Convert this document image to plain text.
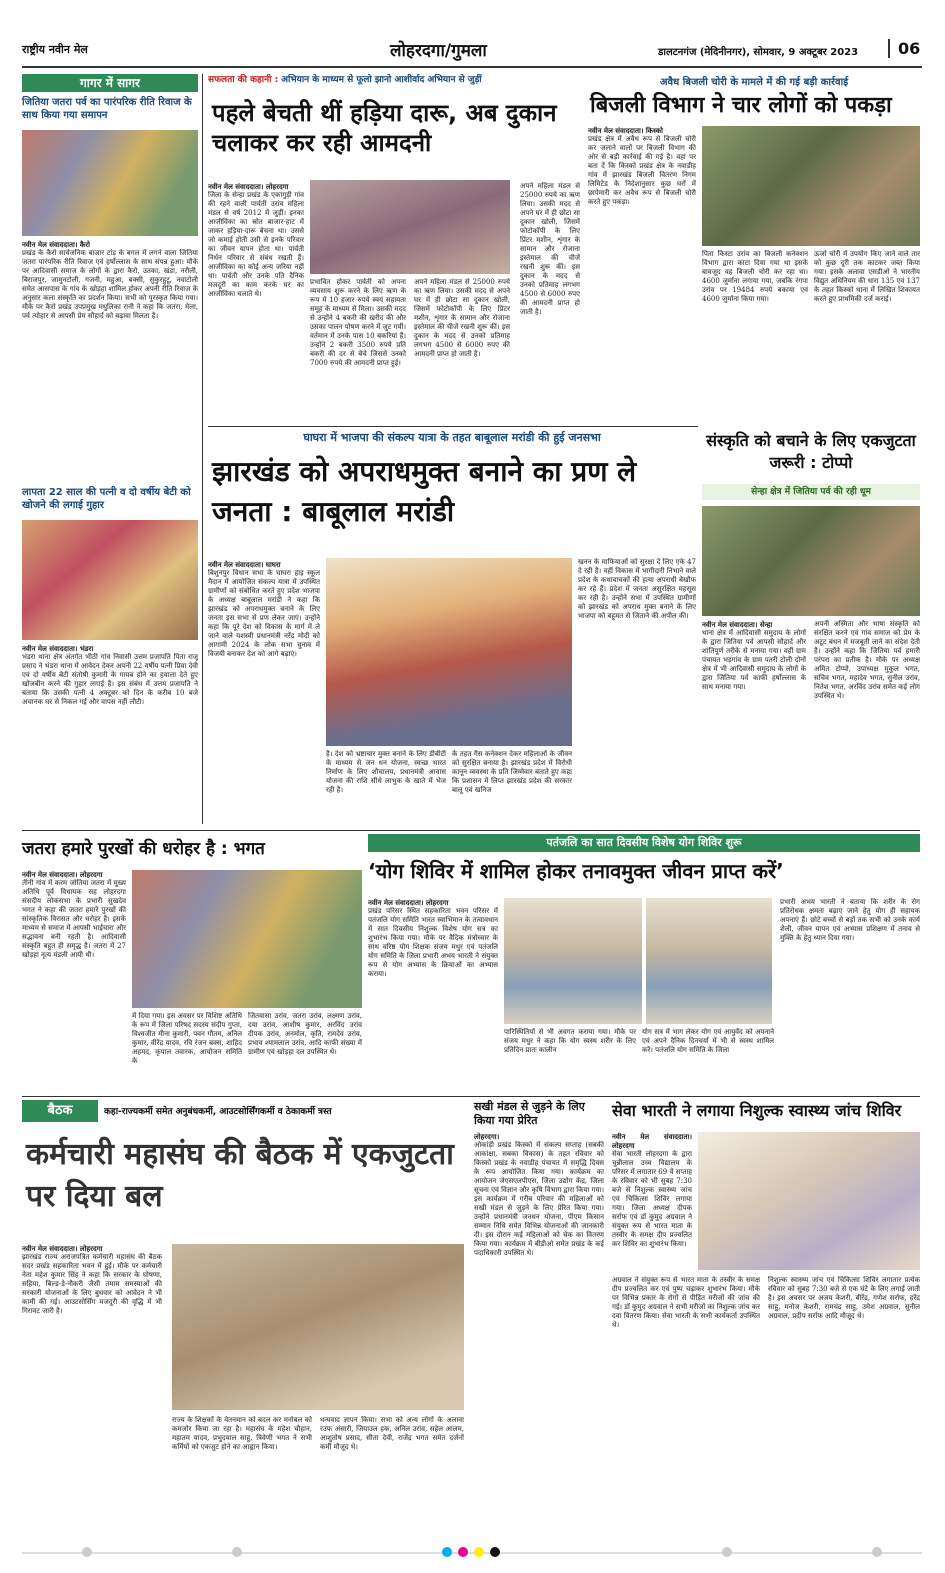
राष्ट्रीय नवीन मेल	लोहरदगा/गुमला	डालटनगंज (मेदिनीनगर), सोमवार, 9 अक्टूबर 2023	06
गागर में सागर
जितिया जतरा पर्व का पारंपरिक रीति रिवाज के साथ किया गया समापन
नवीन मेल संवाददाता। कैरो
प्रखंड के कैरो सार्वजनिक बाजार टांड़ के बगल में लगने वाला जितिया जतरा पारंपरिक रीति रिवाज एवं हर्षोल्लास के साथ संपन्न हुआ। मौके पर आदिवासी समाज के लोगों के द्वारा कैरो, उतका, खंडा, नरौली, बिराजपुर, जामुनटोली, गजनी, महुआ, बक्सी, सुकुरहुटू, नवाटोली समेत आसपास के गांव के खोड़हा शामिल होकर अपनी रीति रिवाज के अनुसार कला संस्कृति का प्रदर्शन किया। सभी को पुरस्कृत किया गया। मौके पर कैरो प्रखंड उपप्रमुख मधुलिका रानी ने कहा कि जतरा, मेला, पर्व त्योहार से आपसी प्रेम सौहार्द को बढ़ावा मिलता है।
लापता 22 साल की पत्नी व दो वर्षीय बेटी को खोजने की लगाई गुहार
नवीन मेल संवाददाता। भंडरा
भंडरा थाना क्षेत्र अंतर्गत भीठी गांव निवासी उत्तम प्रजापति पिता राजू प्रसाद ने भंडरा थाना में आवेदन देकर अपनी 22 वर्षीय पत्नी प्रिया देवी एवं दो वर्षीय बेटी संतोषी कुमारी के गायब होने का हवाला देते हुए खोजबीन करने की गुहार लगाई है। इस संबंध में उत्तम प्रजापति ने बताया कि उसकी पत्नी 4 अक्टूबर को दिन के करीब 10 बजे अचानक घर से निकल गई और वापस नहीं लौटी।
सफलता की कहानी : अभियान के माध्यम से फूलो झानो आशीर्वाद अभियान से जुड़ीं
पहले बेचती थीं हड़िया दारू, अब दुकान चलाकर कर रही आमदनी
नवीन मेल संवाददाता। लोहरदगा
जिला के सेन्हा प्रखंड के एकागुड़ी गांव की रहने वाली पार्वती उरांव महिला मंडल से वर्ष 2012 में जुड़ीं। इनका आजीविका का स्रोत बाजार-हाट में जाकर हड़िया-दारू बेचना था। उससे जो कमाई होती उसी से इनके परिवार का जीवन यापन होता था। पार्वती निर्धन परिवार से संबंध रखती हैं। आजीविका का कोई अन्य जरिया नहीं था। पार्वती और उनके पति दैनिक मजदूरी का काम करके घर का आजीविका चलाते थे।
प्रभावित होकर पार्वती को अपना व्यवसाय शुरू करने के लिए ऋण के रूप में 10 हजार रुपये स्वयं सहायता समूह के माध्यम से मिला। उसकी मदद से उन्होंने 4 बकरी की खरीद की और उसका पालन पोषण करने में जुट गयीं। वर्तमान में उनके पास 10 बकरियां हैं। उन्होंने 2 बकरी 3500 रुपये प्रति बकरी की दर से बेचे जिससे उनको 7000 रुपये की आमदनी प्राप्त हुई।
अपने महिला मंडल से 25000 रुपये का ऋण लिया। उसकी मदद से अपने घर में ही छोटा सा दुकान खोली, जिसमें फोटोकॉपी के लिए प्रिंटर मशीन, शृंगार के सामान और रोजाना इस्तेमाल की चीजें रखनी शुरू कीं। इस दुकान के मदद से उनको प्रतिमाह लगभग 4500 से 6000 रुपए की आमदनी प्राप्त हो जाती है।
अपने महिला मंडल से 25000 रुपये का ऋण लिया। उसकी मदद से अपने घर में ही छोटा सा दुकान खोली, जिसमें फोटोकॉपी के लिए प्रिंटर मशीन, शृंगार के सामान और रोजाना इस्तेमाल की चीजें रखनी शुरू कीं। इस दुकान के मदद से उनको प्रतिमाह लगभग 4500 से 6000 रुपए की आमदनी प्राप्त हो जाती है।
अवैध बिजली चोरी के मामले में की गई बड़ी कार्रवाई
बिजली विभाग ने चार लोगों को पकड़ा
नवीन मेल संवाददाता। किस्को
प्रखंड क्षेत्र में अवैध रूप से बिजली चोरी कर जलाने वालों पर बिजली विभाग की ओर से बड़ी कार्रवाई की गई है। वहां पर बता दें कि किस्को प्रखंड क्षेत्र के नवाडीह गांव में झारखंड बिजली वितरण निगम लिमिटेड के निदेशानुसार कुछ घरों में छापेमारी कर अवैध रूप से बिजली चोरी करते हुए पकड़ा।
पिता किस्टा उरांव का बिजली कनेक्शन विभाग द्वारा काटा दिया गया था इसके बावजूद वह बिजली चोरी कर रहा था। 4600 जुर्माना लगाया गया, जबकि रंगपा उरांव पर 19484 रुपये बकाया एवं 4600 जुर्माना किया गया।
ऊर्जा चोरी में उपयोग किए जाने वाले तार को कुछ दूरी तक काटकर जब्त किया गया। इसके अलावा एसडीओ ने भारतीय विद्युत अधिनियम की धारा 135 एवं 137 के तहत किस्को थाना में लिखित शिकायत करते हुए प्राथमिकी दर्ज कराई।
घाघरा में भाजपा की संकल्प यात्रा के तहत बाबूलाल मरांडी की हुई जनसभा
झारखंड को अपराधमुक्त बनाने का प्रण ले जनता : बाबूलाल मरांडी
नवीन मेल संवाददाता। घाघरा
बिशुनपुर विधान सभा के घाघरा हाइ स्कूल मैदान में आयोजित संकल्प यात्रा में उपस्थित ग्रामीणों को संबोधित करते हुए प्रदेश भाजपा के अध्यक्ष बाबूलाल मरांडी ने कहा कि झारखंड को अपराधमुक्त बनाने के लिए जनता इस सभा से प्रण लेकर जाएं। उन्होंने कहा कि पूरे देश को विकास के मार्ग में ले जाने वाले यशस्वी प्रधानमंत्री नरेंद्र मोदी को आगामी 2024 के लोक सभा चुनाव में विजयी बनाकर देश को आगे बढ़ाएं।
है। देश को भ्रष्टाचार मुक्त बनाने के लिए डीबीटी के माध्यम से जन धन योजना, स्वच्छ भारत निर्माण के लिए शौचालय, प्रधानमंत्री आवास योजना की राशि सीधे लाभुक के खाते में भेज रही है।
के तहत गैस कनेक्शन देकर महिलाओं के जीवन को सुरक्षित बनाया है। झारखंड प्रदेश में विरोधी कानून व्यवस्था के प्रति जिम्मेवार बताते हुए कहा कि प्रशासन में लिप्त झारखंड प्रदेश की सरकार बालू एवं खनिज
खनन के माफियाओं को सुरक्षा दे लिए एके 47 दे रही है। वहीं विकास में भागीदारी निभाने वाले प्रदेश के कथावाचकों की हत्या अपराधी बेखौफ कर रहे हैं। प्रदेश में जनता असुरक्षित महसूस कर रही है। उन्होंने सभा में उपस्थित ग्रामीणों को झारखंड को अपराध मुक्त बनाने के लिए भाजपा को बहुमत से जिताने की अपील की।
संस्कृति को बचाने के लिए एकजुटता जरूरी : टोप्पो
सेन्हा क्षेत्र में जितिया पर्व की रही धूम
नवीन मेल संवाददाता। सेन्हा
थाना क्षेत्र में आदिवासी समुदाय के लोगों के द्वारा जितिया पर्व आपसी सौहार्द और शांतिपूर्ण तरीके से मनाया गया। वहीं ग्राम पंचायत भड़गांव के ग्राम पतरी टोली दोनों क्षेत्र में भी आदिवासी समुदाय के लोगों के द्वारा जितिया पर्व काफी हर्षोल्लास के साथ मनाया गया।
अपनी अस्मिता और भाषा संस्कृति को संरक्षित करने एवं गांव समाज को प्रेम के अटूट बंधन में मजबूती लाने का संदेश देती है। उन्होंने कहा कि जितिया पर्व हमारी परंपरा का प्रतीक है। मौके पर अध्यक्ष अमित टोप्पो, उपाध्यक्ष मुकुल भगत, सचिव भगत, महादेव भगत, सुनील उरांव, नितेश भगत, अरविंद उरांव समेत कई लोग उपस्थित थे।
जतरा हमारे पुरखों की धरोहर है : भगत
नवीन मेल संवाददाता। लोहरदगा
तीनी गांव में करम जोतिया जतरा में मुख्य अतिथि पूर्व विधायक सह लोहरदगा संसदीय लोकसभा के प्रभारी सुखदेव भगत ने कहा की जतरा हमारे पुरखों की सांस्कृतिक विरासत और धरोहर है। इसके माध्यम से समाज में आपसी भाईचारा और सद्भावना बनी रहती है। आदिवासी संस्कृति बहुत ही समृद्ध है। जतरा में 27 खोड़हा नृत्य मंडली आयी थी।
में दिया गया। इस अवसर पर विशिष्ट अतिथि के रूप में जिला परिषद सदस्य संदीप गुप्ता, विश्वजीत मीना कुमारी, पवन गौतम, अनिल कुमार, वीरेंद्र यादव, रवि रंजन बक्स, शाहिद अहमद, कृपाल तवारक, आयोजन समिति के
जितवासा उरांव, जतरा उरांव, लक्ष्मण उरांव, दया उरांव, आशीष कुमार, अरविंद उरांव दीपक उरांव, अनमोल, कृति, रामदेव उरांव, प्रभाव श्यामलाल उरांव, आदि काफी संख्या में ग्रामीण एवं खोड़हा दल उपस्थित थे।
पतंजलि का सात दिवसीय विशेष योग शिविर शुरू
‘योग शिविर में शामिल होकर तनावमुक्त जीवन प्राप्त करें’
नवीन मेल संवाददाता। लोहरदगा
प्रखंड परिसर स्थित सहकारिता भवन परिसर में पतंजलि योग समिति भारत स्वाभिमान के तत्वावधान में सात दिवसीय निशुल्क विशेष योग सत्र का शुभारंभ किया गया। मौके पर वैदिक मंत्रोच्चार के साथ वरिष्ठ योग शिक्षक संजय मधुर एवं पतंजलि योग समिति के जिला प्रभारी अभय भारती ने संयुक्त रूप से योग अभ्यास के क्रियाओं का अभ्यास कराया।
पारिस्थितियों से भी अवगत कराया गया। मौके पर संजय मधुर ने कहा कि योग स्वस्थ शरीर के लिए प्रतिदिन प्रातः कालीन
योग सत्र में भाग लेकर योग एवं आयुर्वेद को अपनाने एवं अपने दैनिक दिनचर्या में भी से स्वस्थ शामिल करें। पतंजलि योग समिति के जिला
प्रभारी अभय भारती ने बताया कि शरीर के रोग प्रतिरोधक क्षमता बढ़ाए जाने हेतु योग ही सहायक अपनाएं हैं। छोटे बच्चों से बड़ों तक सभी को उनके कार्य शैली, जीवन यापन एवं अभ्यास प्रशिक्षण में तनाव से मुक्ति के हेतु ध्यान दिया गया।
बैठक	कहा-राज्यकर्मी समेत अनुबंधकर्मी, आउटसोर्सिंगकर्मी व ठेकाकर्मी त्रस्त
कर्मचारी महासंघ की बैठक में एकजुटता पर दिया बल
नवीन मेल संवाददाता। लोहरदगा
झारखंड राज्य अराजपत्रित कर्मचारी महासंघ की बैठक सदर प्रखंड सहकारिता भवन में हुई। मौके पर कर्मचारी नेता महेश कुमार सिंह ने कहा कि सरकार के घोषणा, सहिया, बिल्ड-डे-नौकरी जैसी तमाम समस्याओं की सरकारी योजनाओं के लिए बुधवार को आवेदन ने भी कामी की गई। आउटसोर्सिंग मजदूरी की वृद्धि में भी गिरावट जारी है।
राज्य के शिक्षकों के वेतनमान को बदल कर मनोबल को कमजोर किया जा रहा है। महासंघ के महेश चौहान, महातम यादव, प्रभुदयाल साहु, त्रिवेणी भगत ने सभी कर्मियों को एकजुट होने का आह्वान किया।
धन्यवाद ज्ञापन किया। सभा को अन्य लोगों के अलावा रउफ अंसारी, जियाउल हक, अनिल उरांव, सहेल आलम, आशुतोष प्रसाद, सीता देवी, राजेंद्र भगत समेत दर्जनों कर्मी मौजूद थे।
सखी मंडल से जुड़ने के लिए किया गया प्रेरित
लोहरदगा।
ओकांड़ी प्रखंड किस्को में संकल्प सप्ताह (सबकी आकांक्षा, सबका विकास) के तहत रविवार को किस्को प्रखंड के नवाडीह पंचायत में समृद्धि दिवस के रूप आयोजित किया गया। कार्यक्रम का आयोजन जेएसएलपीएस, जिला उद्योग केंद्र, जिला सूचना एवं विज्ञान और कृषि विभाग द्वारा किया गया। इस कार्यक्रम में गरीब परिवार की महिलाओं को सखी मंडल से जुड़ने के लिए प्रेरित किया गया। उन्होंने प्रधानमंत्री जनधन योजना, पीएम किसान सम्मान निधि समेत विभिन्न योजनाओं की जानकारी दी। इस दौरान कई महिलाओं को चेक का वितरण किया गया। कार्यक्रम में बीडीओ समेत प्रखंड के कई पदाधिकारी उपस्थित थे।
सेवा भारती ने लगाया निशुल्क स्वास्थ्य जांच शिविर
नवीन मेल संवाददाता। लोहरदगा
सेवा भारती लोहरदगा के द्वारा चुन्नीलाल उच्च विद्यालय के परिसर में लगातार 69 वें सप्ताह के रविवार को भी सुबह 7:30 बजे से निशुल्क स्वास्थ्य जांच एवं चिकित्सा शिविर लगाया गया। जिला अध्यक्ष दीपक सर्राफ एवं डॉ कुमुद अग्रवाल ने संयुक्त रूप से भारत माता के तस्वीर के समक्ष दीप प्रज्वलित कर शिविर का शुभारंभ किया।
अग्रवाल ने संयुक्त रूप से भारत माता के तस्वीर के समक्ष दीप प्रज्वलित कर एवं पुष्प चढ़ाकर शुभारंभ किया। मौके पर विभिन्न प्रकार के रोगों से पीड़ित मरीजों की जांच की गई। डॉ कुमुद अग्रवाल ने सभी मरीजों का निशुल्क जांच कर दवा वितरण किया। सेवा भारती के सभी कार्यकर्ता उपस्थित थे।
निशुल्क स्वास्थ्य जांच एवं चिकित्सा शिविर लगातार प्रत्येक रविवार को सुबह 7:30 बजे से एक घंटे के लिए लगाई जाती है। इस अवसर पर अजय केशरी, बीरेंद्र, गणेश सर्राफ, हरेंद्र साहु, मनोज केशरी, रामचंद्र साहु, उमेश अग्रवाल, सुनील अग्रवाल, प्रदीप सर्राफ आदि मौजूद थे।
